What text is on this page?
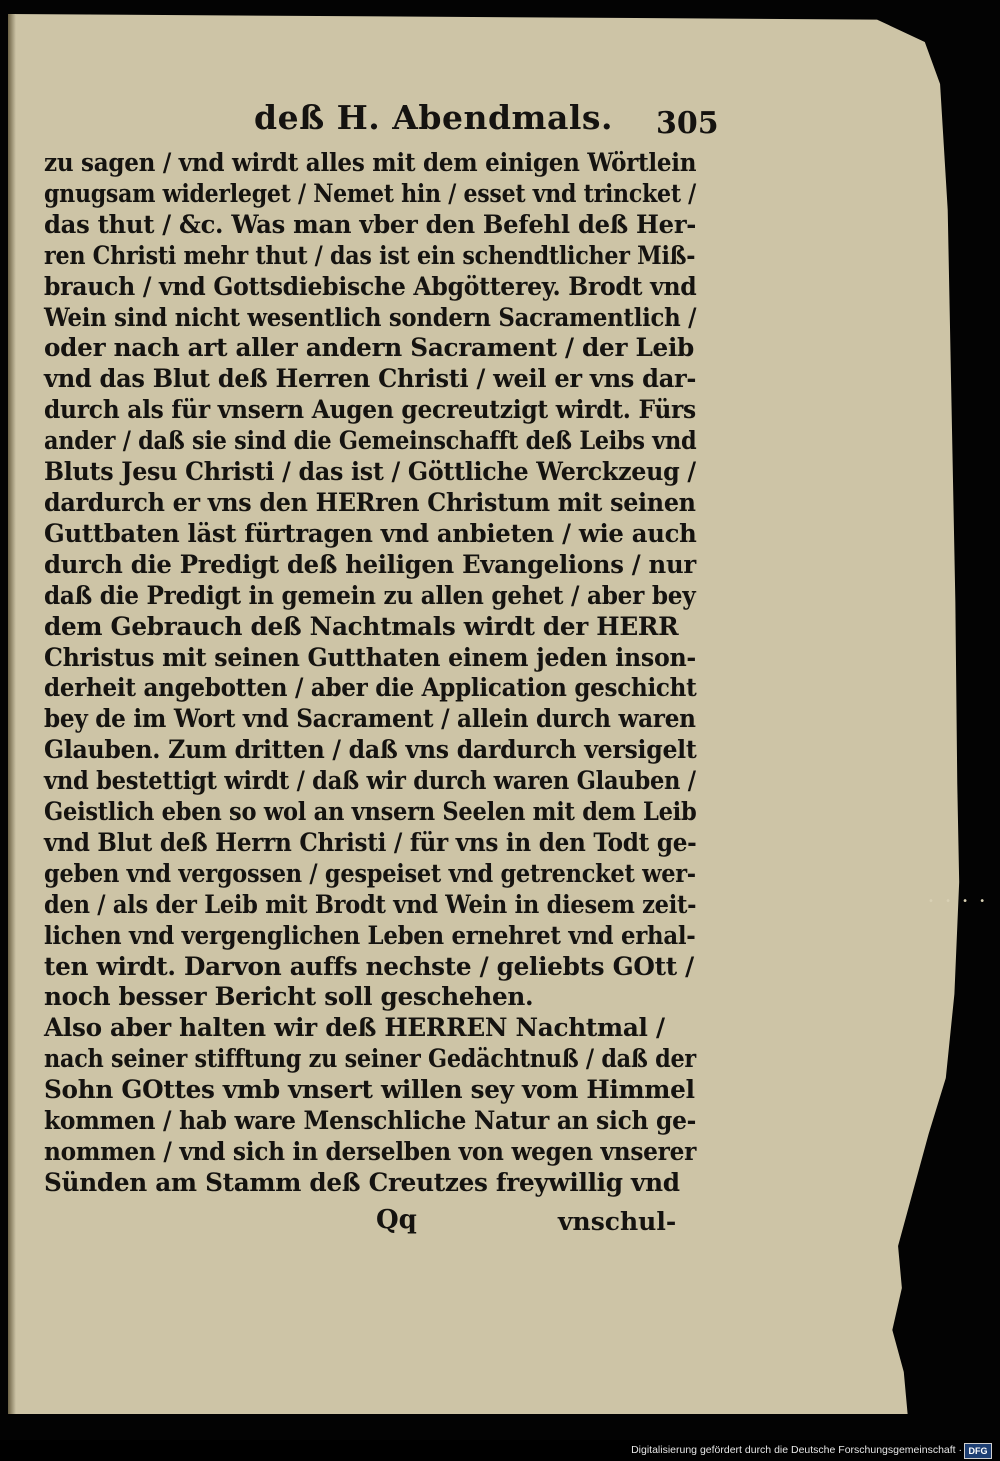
deß H. Abendmals. 305
zu sagen / vnd wirdt alles mit dem einigen Wörtlein
gnugsam widerleget / Nemet hin / esset vnd trincket /
das thut / &c. Was man vber den Befehl deß Her-
ren Christi mehr thut / das ist ein schendtlicher Miß-
brauch / vnd Gottsdiebische Abgötterey. Brodt vnd
Wein sind nicht wesentlich sondern Sacramentlich /
oder nach art aller andern Sacrament / der Leib
vnd das Blut deß Herren Christi / weil er vns dar-
durch als für vnsern Augen gecreutzigt wirdt. Fürs
ander / daß sie sind die Gemeinschafft deß Leibs vnd
Bluts Jesu Christi / das ist / Göttliche Werckzeug /
dardurch er vns den HERren Christum mit seinen
Guttbaten läst fürtragen vnd anbieten / wie auch
durch die Predigt deß heiligen Evangelions / nur
daß die Predigt in gemein zu allen gehet / aber bey
dem Gebrauch deß Nachtmals wirdt der HERR
Christus mit seinen Gutthaten einem jeden inson-
derheit angebotten / aber die Application geschicht
bey de im Wort vnd Sacrament / allein durch waren
Glauben. Zum dritten / daß vns dardurch versigelt
vnd bestettigt wirdt / daß wir durch waren Glauben /
Geistlich eben so wol an vnsern Seelen mit dem Leib
vnd Blut deß Herrn Christi / für vns in den Todt ge-
geben vnd vergossen / gespeiset vnd getrencket wer-
den / als der Leib mit Brodt vnd Wein in diesem zeit-
lichen vnd vergenglichen Leben ernehret vnd erhal-
ten wirdt. Darvon auffs nechste / geliebts GOtt /
noch besser Bericht soll geschehen.
Also aber halten wir deß HERREN Nachtmal /
nach seiner stifftung zu seiner Gedächtnuß / daß der
Sohn GOttes vmb vnsert willen sey vom Himmel
kommen / hab ware Menschliche Natur an sich ge-
nommen / vnd sich in derselben von wegen vnserer
Sünden am Stamm deß Creutzes freywillig vnd
Qq	vnschul-
• • • •
Digitalisierung gefördert durch die Deutsche Forschungsgemeinschaft · DFG
